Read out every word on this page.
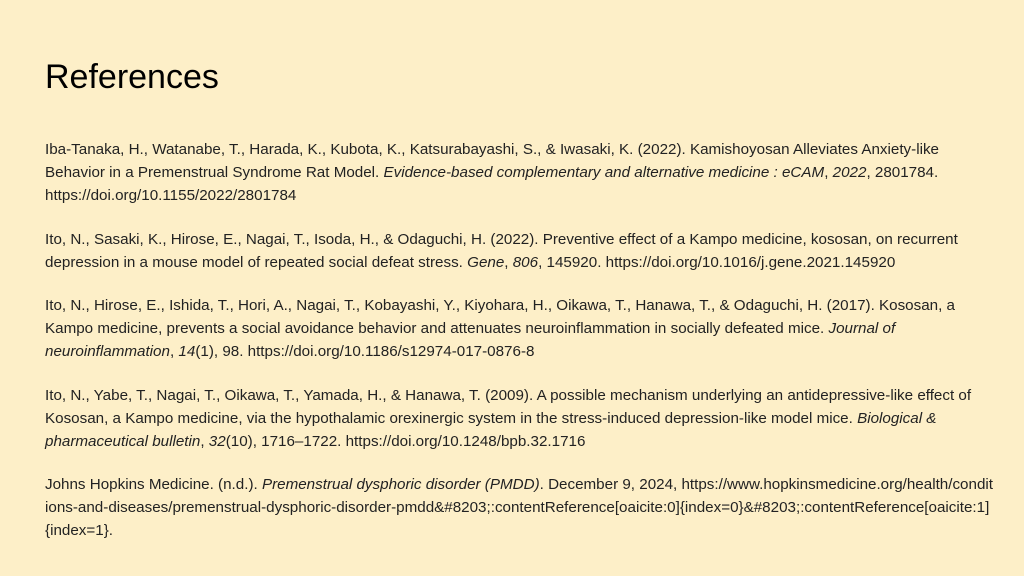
References

Iba-Tanaka, H., Watanabe, T., Harada, K., Kubota, K., Katsurabayashi, S., & Iwasaki, K. (2022). Kamishoyosan Alleviates Anxiety-like Behavior in a Premenstrual Syndrome Rat Model. Evidence-based complementary and alternative medicine : eCAM, 2022, 2801784. https://doi.org/10.1155/2022/2801784

Ito, N., Sasaki, K., Hirose, E., Nagai, T., Isoda, H., & Odaguchi, H. (2022). Preventive effect of a Kampo medicine, kososan, on recurrent depression in a mouse model of repeated social defeat stress. Gene, 806, 145920. https://doi.org/10.1016/j.gene.2021.145920

Ito, N., Hirose, E., Ishida, T., Hori, A., Nagai, T., Kobayashi, Y., Kiyohara, H., Oikawa, T., Hanawa, T., & Odaguchi, H. (2017). Kososan, a Kampo medicine, prevents a social avoidance behavior and attenuates neuroinflammation in socially defeated mice. Journal of neuroinflammation, 14(1), 98. https://doi.org/10.1186/s12974-017-0876-8

Ito, N., Yabe, T., Nagai, T., Oikawa, T., Yamada, H., & Hanawa, T. (2009). A possible mechanism underlying an antidepressive-like effect of Kososan, a Kampo medicine, via the hypothalamic orexinergic system in the stress-induced depression-like model mice. Biological & pharmaceutical bulletin, 32(10), 1716–1722. https://doi.org/10.1248/bpb.32.1716

Johns Hopkins Medicine. (n.d.). Premenstrual dysphoric disorder (PMDD). December 9, 2024, https://www.hopkinsmedicine.org/health/conditions-and-diseases/premenstrual-dysphoric-disorder-pmdd&#8203;:contentReference[oaicite:0]{index=0}&#8203;:contentReference[oaicite:1]{index=1}.
